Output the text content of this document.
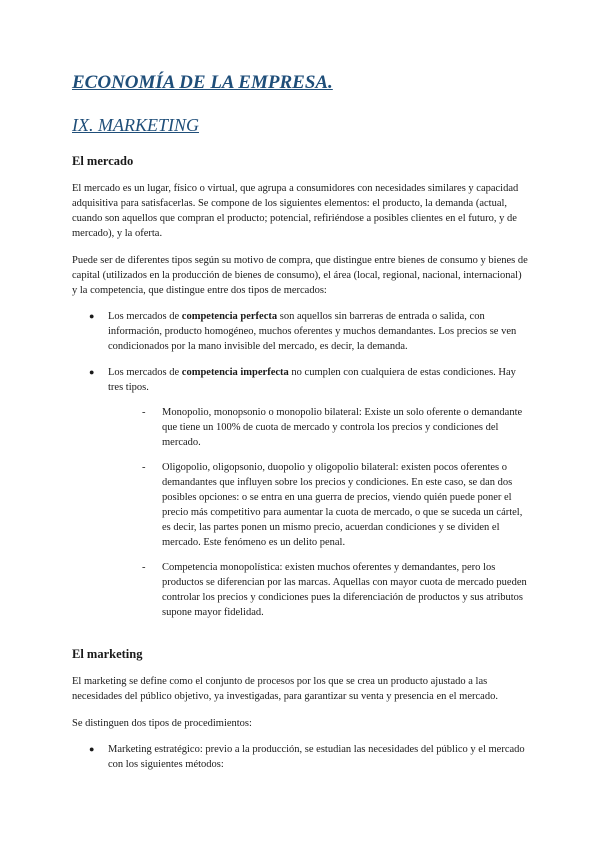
ECONOMÍA DE LA EMPRESA.
IX. MARKETING
El mercado

El mercado es un lugar, físico o virtual, que agrupa a consumidores con necesidades similares y capacidad adquisitiva para satisfacerlas. Se compone de los siguientes elementos: el producto, la demanda (actual, cuando son aquellos que compran el producto; potencial, refiriéndose a posibles clientes en el futuro, y de mercado), y la oferta.

Puede ser de diferentes tipos según su motivo de compra, que distingue entre bienes de consumo y bienes de capital (utilizados en la producción de bienes de consumo), el área (local, regional, nacional, internacional) y la competencia, que distingue entre dos tipos de mercados:

● Los mercados de competencia perfecta son aquellos sin barreras de entrada o salida, con información, producto homogéneo, muchos oferentes y muchos demandantes. Los precios se ven condicionados por la mano invisible del mercado, es decir, la demanda.
● Los mercados de competencia imperfecta no cumplen con cualquiera de estas condiciones. Hay tres tipos.
- Monopolio, monopsonio o monopolio bilateral: Existe un solo oferente o demandante que tiene un 100% de cuota de mercado y controla los precios y condiciones del mercado.
- Oligopolio, oligopsonio, duopolio y oligopolio bilateral: existen pocos oferentes o demandantes que influyen sobre los precios y condiciones. En este caso, se dan dos posibles opciones: o se entra en una guerra de precios, viendo quién puede poner el precio más competitivo para aumentar la cuota de mercado, o que se suceda un cártel, es decir, las partes ponen un mismo precio, acuerdan condiciones y se dividen el mercado. Este fenómeno es un delito penal.
- Competencia monopolística: existen muchos oferentes y demandantes, pero los productos se diferencian por las marcas. Aquellas con mayor cuota de mercado pueden controlar los precios y condiciones pues la diferenciación de productos y sus atributos supone mayor fidelidad.
El marketing

El marketing se define como el conjunto de procesos por los que se crea un producto ajustado a las necesidades del público objetivo, ya investigadas, para garantizar su venta y presencia en el mercado.

Se distinguen dos tipos de procedimientos:

● Marketing estratégico: previo a la producción, se estudian las necesidades del público y el mercado con los siguientes métodos:
